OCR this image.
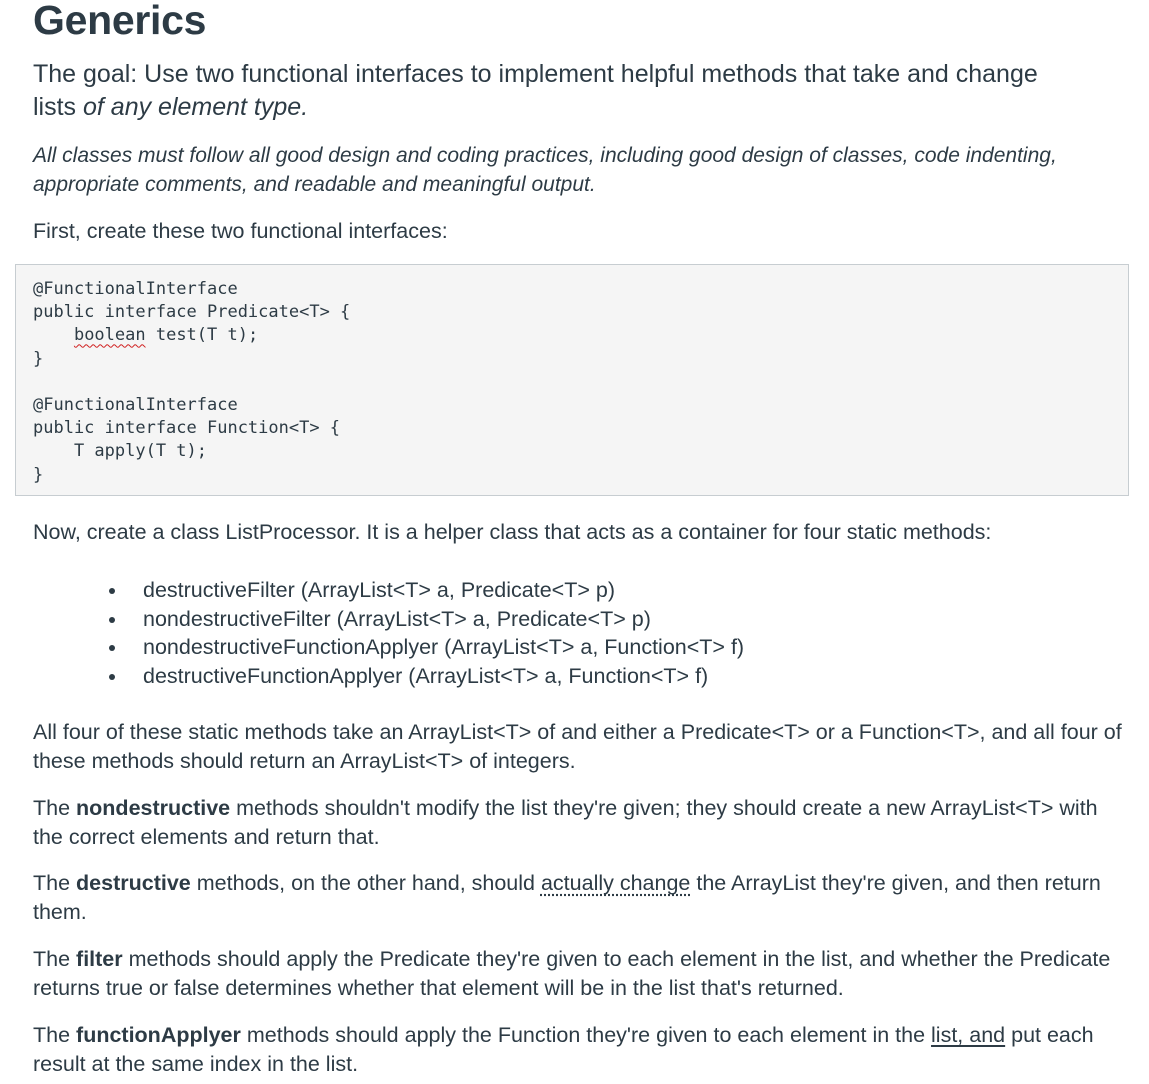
Generics

The goal: Use two functional interfaces to implement helpful methods that take and change lists of any element type.

All classes must follow all good design and coding practices, including good design of classes, code indenting, appropriate comments, and readable and meaningful output.

First, create these two functional interfaces:

@FunctionalInterface
public interface Predicate<T> {
boolean test(T t);
}

@FunctionalInterface
public interface Function<T> {
T apply(T t);
}

Now, create a class ListProcessor. It is a helper class that acts as a container for four static methods:

destructiveFilter (ArrayList<T> a, Predicate<T> p)
nondestructiveFilter (ArrayList<T> a, Predicate<T> p)
nondestructiveFunctionApplyer (ArrayList<T> a, Function<T> f)
destructiveFunctionApplyer (ArrayList<T> a, Function<T> f)

All four of these static methods take an ArrayList<T> of and either a Predicate<T> or a Function<T>, and all four of these methods should return an ArrayList<T> of integers.

The nondestructive methods shouldn't modify the list they're given; they should create a new ArrayList<T> with the correct elements and return that.

The destructive methods, on the other hand, should actually change the ArrayList they're given, and then return them.

The filter methods should apply the Predicate they're given to each element in the list, and whether the Predicate returns true or false determines whether that element will be in the list that's returned.

The functionApplyer methods should apply the Function they're given to each element in the list, and put each result at the same index in the list.
